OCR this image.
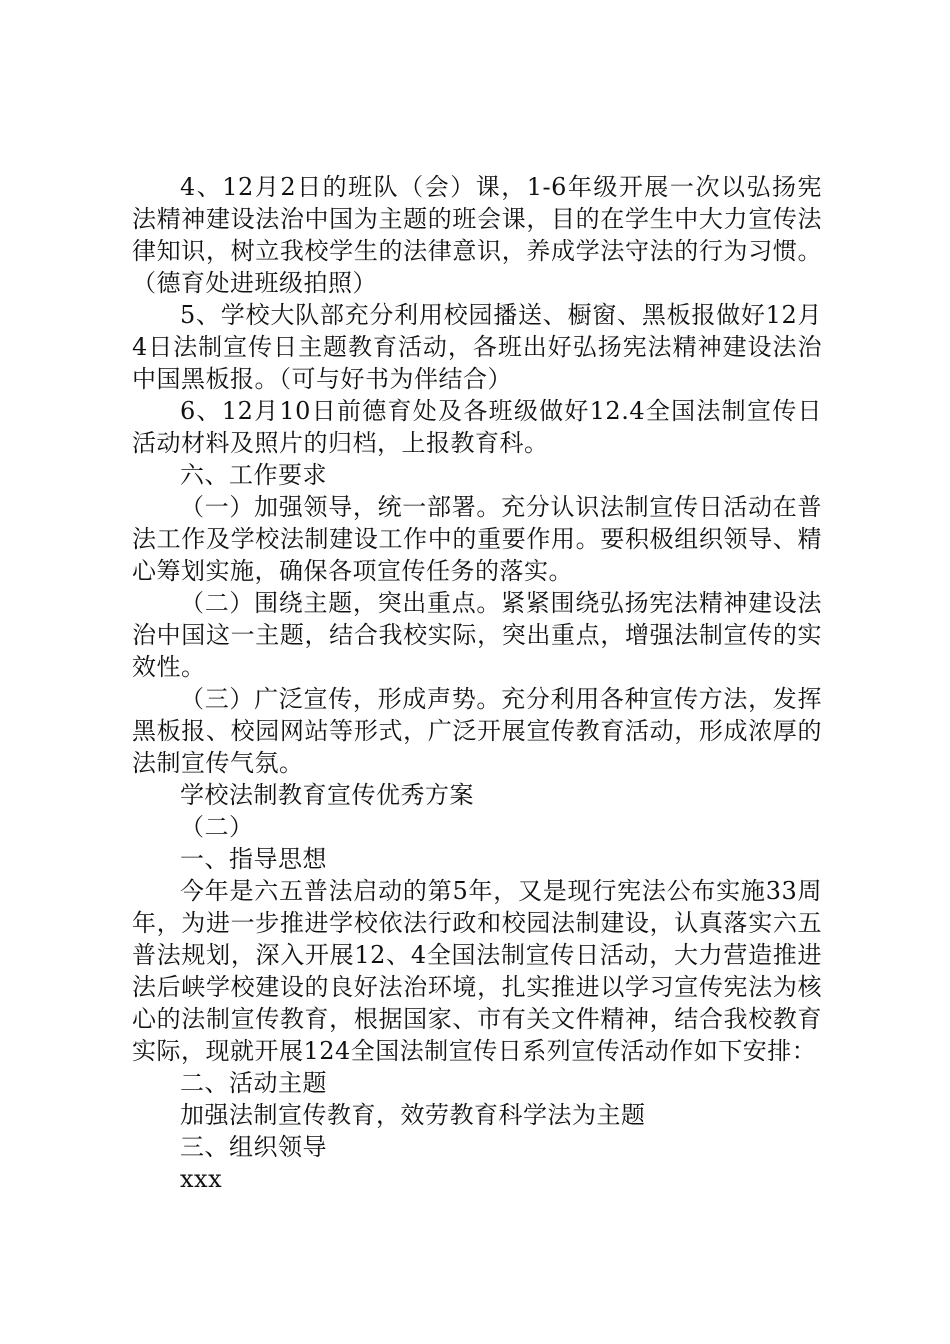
4、12月2日的班队（会）课，1-6年级开展一次以弘扬宪法精神建设法治中国为主题的班会课，目的在学生中大力宣传法律知识，树立我校学生的法律意识，养成学法守法的行为习惯。（德育处进班级拍照）

5、学校大队部充分利用校园播送、橱窗、黑板报做好12月4日法制宣传日主题教育活动，各班出好弘扬宪法精神建设法治中国黑板报。（可与好书为伴结合）

6、12月10日前德育处及各班级做好12.4全国法制宣传日活动材料及照片的归档，上报教育科。

六、工作要求

（一）加强领导，统一部署。充分认识法制宣传日活动在普法工作及学校法制建设工作中的重要作用。要积极组织领导、精心筹划实施，确保各项宣传任务的落实。

（二）围绕主题，突出重点。紧紧围绕弘扬宪法精神建设法治中国这一主题，结合我校实际，突出重点，增强法制宣传的实效性。

（三）广泛宣传，形成声势。充分利用各种宣传方法，发挥黑板报、校园网站等形式，广泛开展宣传教育活动，形成浓厚的法制宣传气氛。

学校法制教育宣传优秀方案

（二）

一、指导思想

今年是六五普法启动的第5年，又是现行宪法公布实施33周年，为进一步推进学校依法行政和校园法制建设，认真落实六五普法规划，深入开展12、4全国法制宣传日活动，大力营造推进法后峡学校建设的良好法治环境，扎实推进以学习宣传宪法为核心的法制宣传教育，根据国家、市有关文件精神，结合我校教育实际，现就开展124全国法制宣传日系列宣传活动作如下安排：

二、活动主题

加强法制宣传教育，效劳教育科学法为主题

三、组织领导

xxx
